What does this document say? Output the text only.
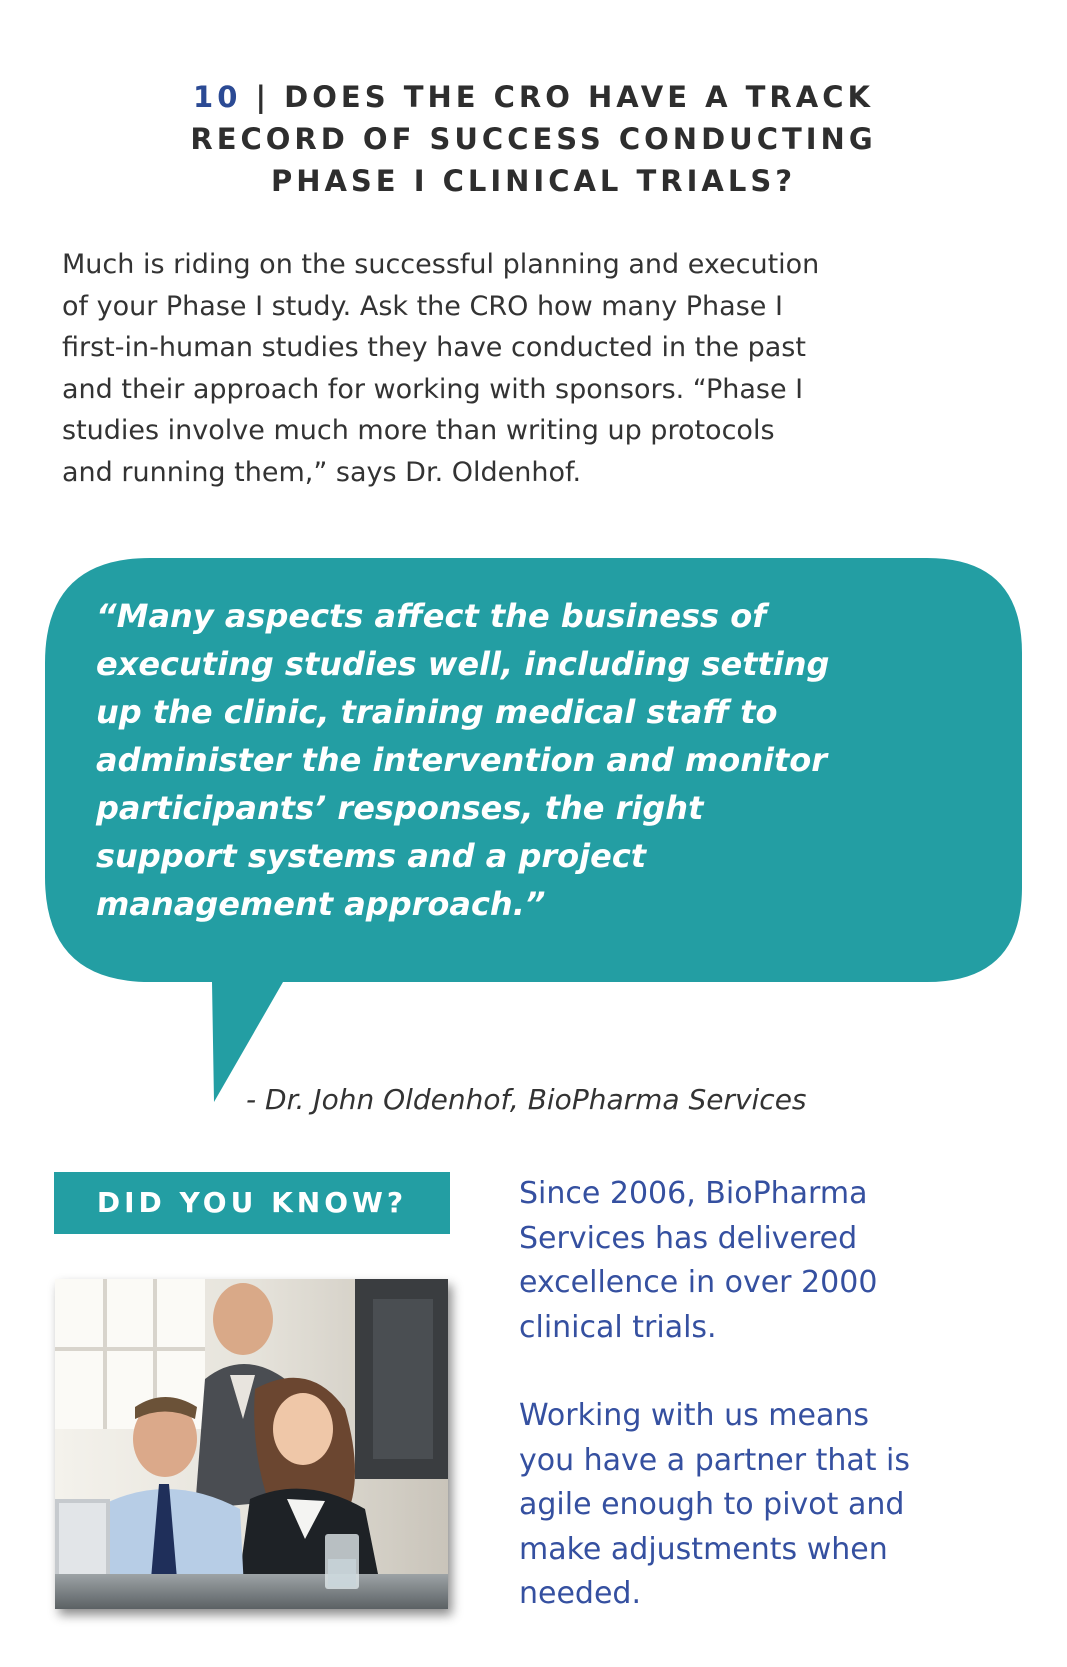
10 | DOES THE CRO HAVE A TRACK
RECORD OF SUCCESS CONDUCTING
PHASE I CLINICAL TRIALS?

Much is riding on the successful planning and execution
of your Phase I study. Ask the CRO how many Phase I
first-in-human studies they have conducted in the past
and their approach for working with sponsors. “Phase I
studies involve much more than writing up protocols
and running them,” says Dr. Oldenhof.

“Many aspects affect the business of
executing studies well, including setting
up the clinic, training medical staff to
administer the intervention and monitor
participants’ responses, the right
support systems and a project
management approach.”

- Dr. John Oldenhof, BioPharma Services
DID YOU KNOW?	Since 2006, BioPharma
Services has delivered
excellence in over 2000
clinical trials.
Working with us means
you have a partner that is
agile enough to pivot and
make adjustments when
needed.
